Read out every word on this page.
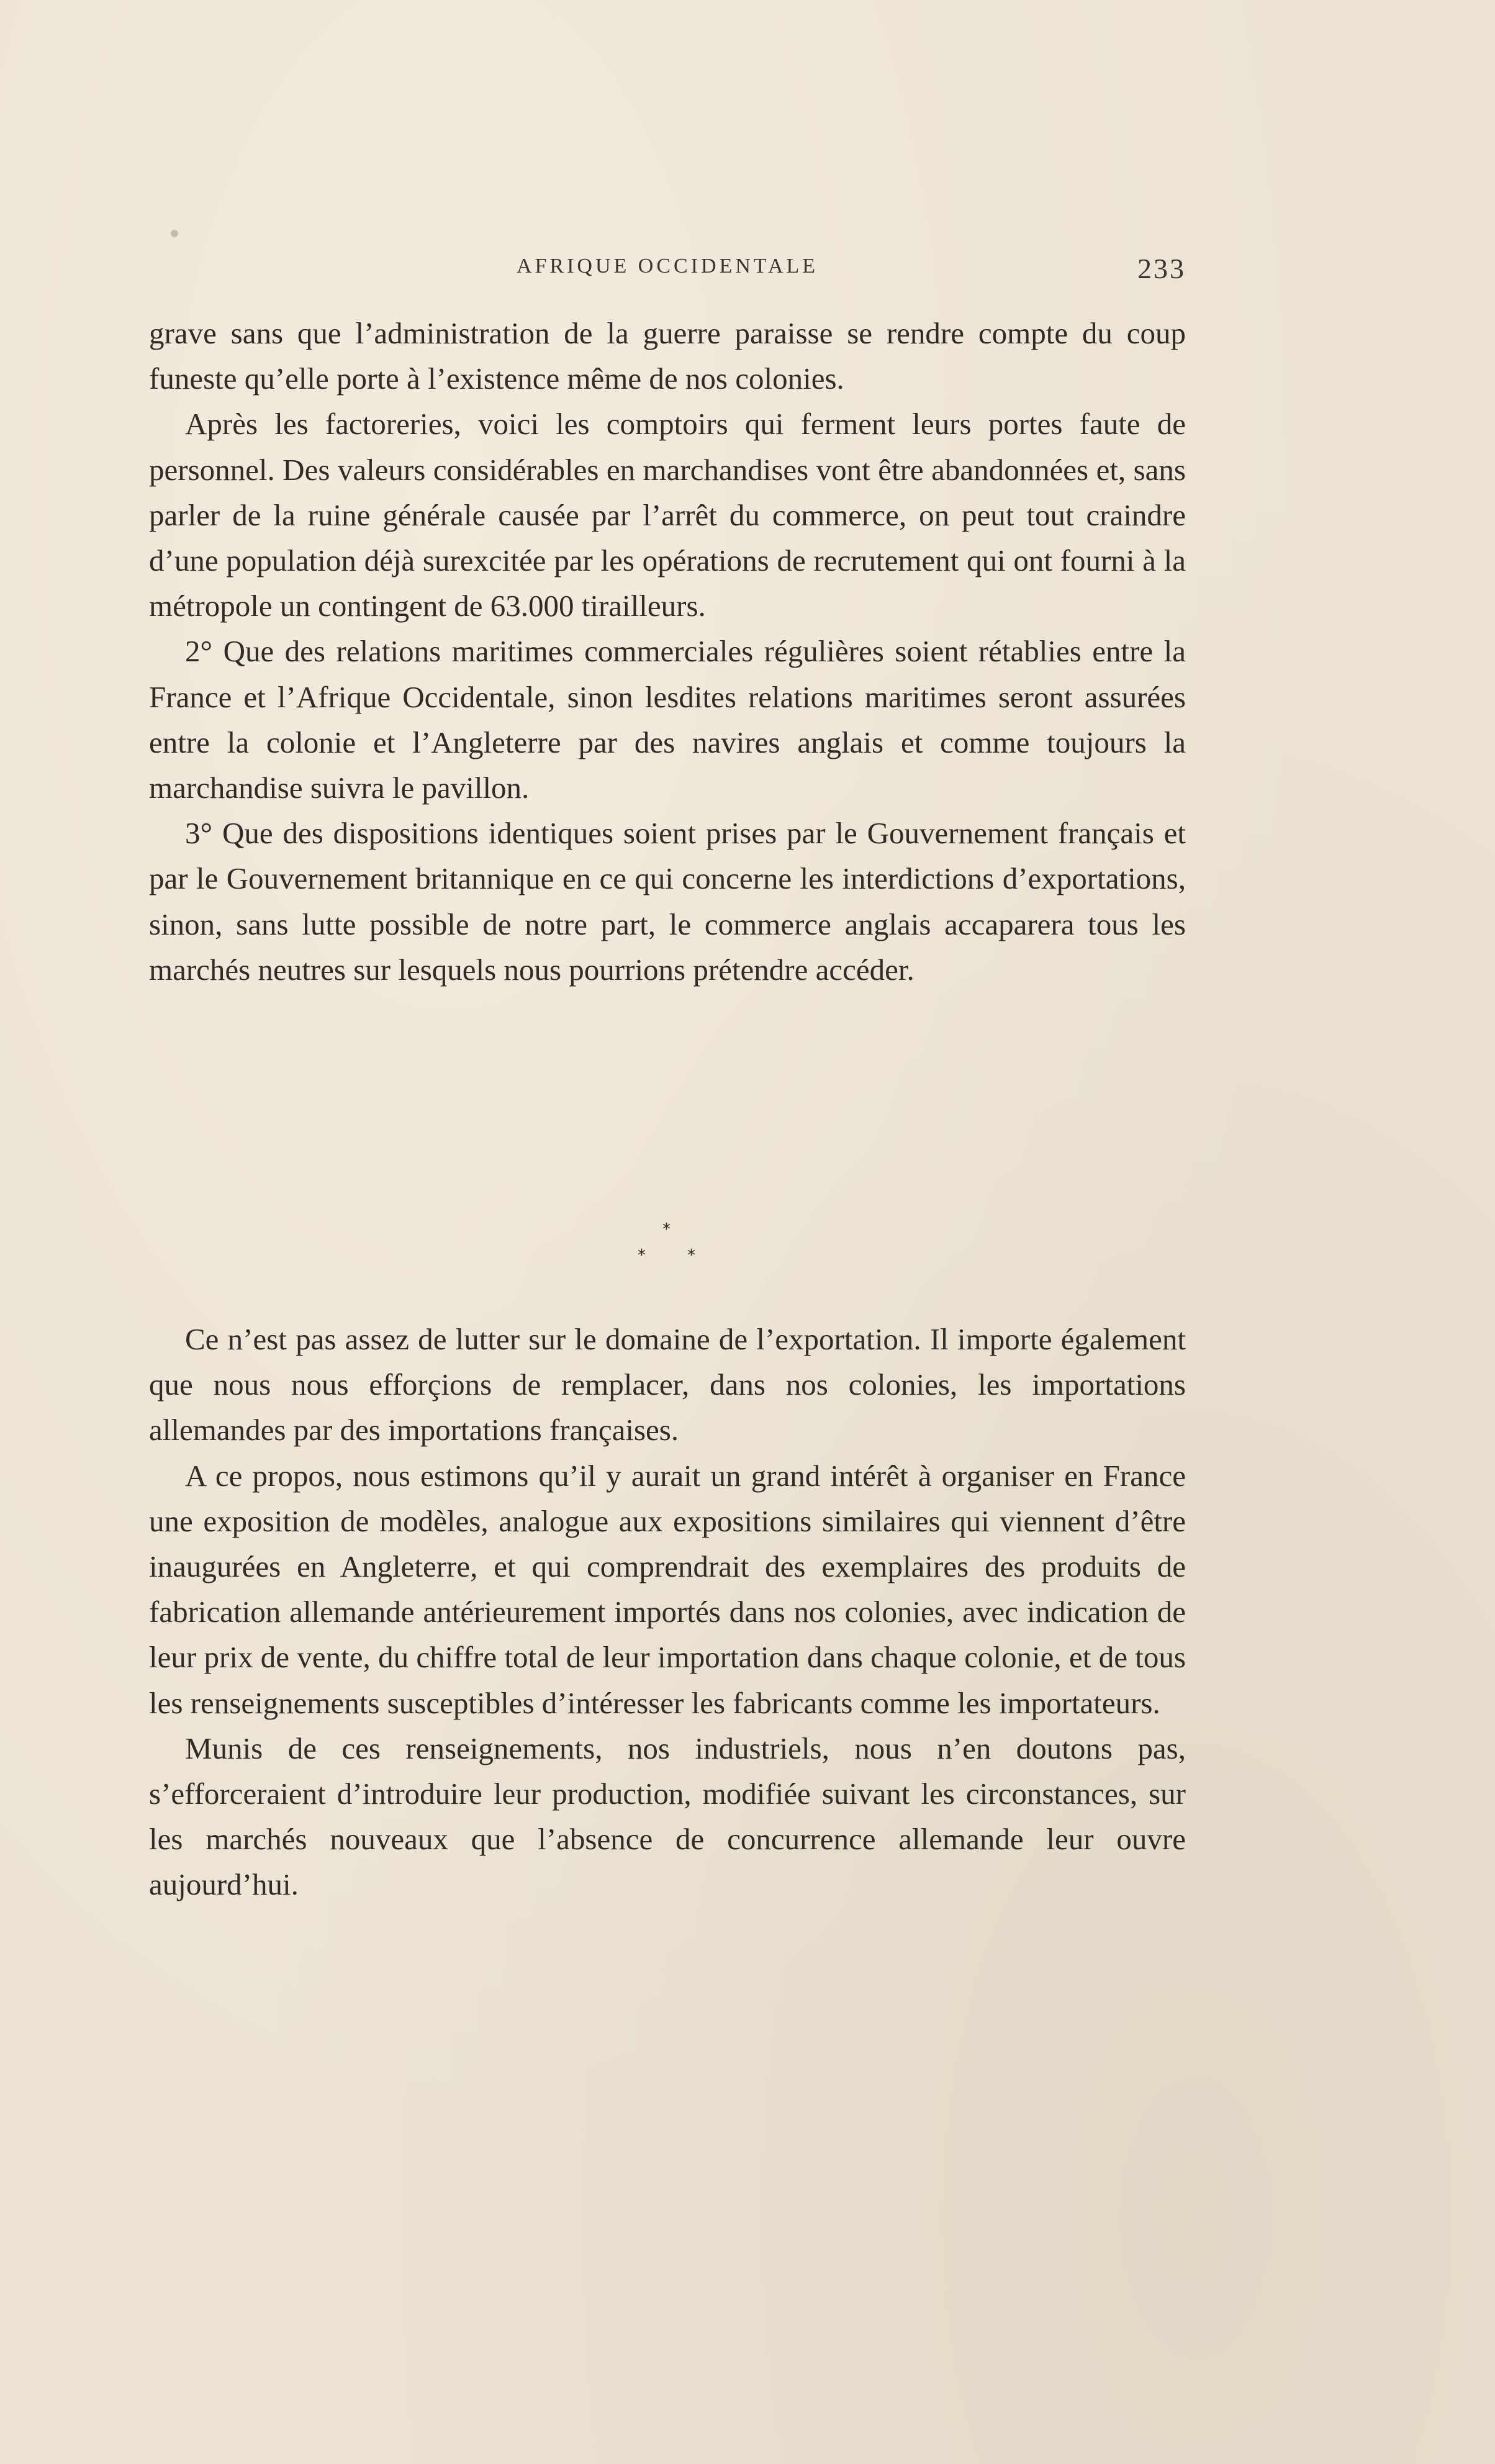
AFRIQUE OCCIDENTALE	233

grave sans que l’administration de la guerre paraisse se rendre compte du coup funeste qu’elle porte à l’existence même de nos colonies.

Après les factoreries, voici les comptoirs qui ferment leurs portes faute de personnel. Des valeurs considérables en marchandises vont être abandonnées et, sans parler de la ruine générale causée par l’arrêt du commerce, on peut tout craindre d’une population déjà surexcitée par les opérations de recrutement qui ont fourni à la métropole un contingent de 63.000 tirailleurs.

2° Que des relations maritimes commerciales régulières soient rétablies entre la France et l’Afrique Occidentale, sinon lesdites relations maritimes seront assurées entre la colonie et l’Angleterre par des navires anglais et comme toujours la marchandise suivra le pavillon.

3° Que des dispositions identiques soient prises par le Gouvernement français et par le Gouvernement britannique en ce qui concerne les interdictions d’exportations, sinon, sans lutte possible de notre part, le commerce anglais accaparera tous les marchés neutres sur lesquels nous pourrions prétendre accéder.

*
*	*

Ce n’est pas assez de lutter sur le domaine de l’exportation. Il importe également que nous nous efforçions de remplacer, dans nos colonies, les importations allemandes par des importations françaises.

A ce propos, nous estimons qu’il y aurait un grand intérêt à organiser en France une exposition de modèles, analogue aux expositions similaires qui viennent d’être inaugurées en Angleterre, et qui comprendrait des exemplaires des produits de fabrication allemande antérieurement importés dans nos colonies, avec indication de leur prix de vente, du chiffre total de leur importation dans chaque colonie, et de tous les renseignements susceptibles d’intéresser les fabricants comme les importateurs.

Munis de ces renseignements, nos industriels, nous n’en doutons pas, s’efforceraient d’introduire leur production, modifiée suivant les circonstances, sur les marchés nouveaux que l’absence de concurrence allemande leur ouvre aujourd’hui.
